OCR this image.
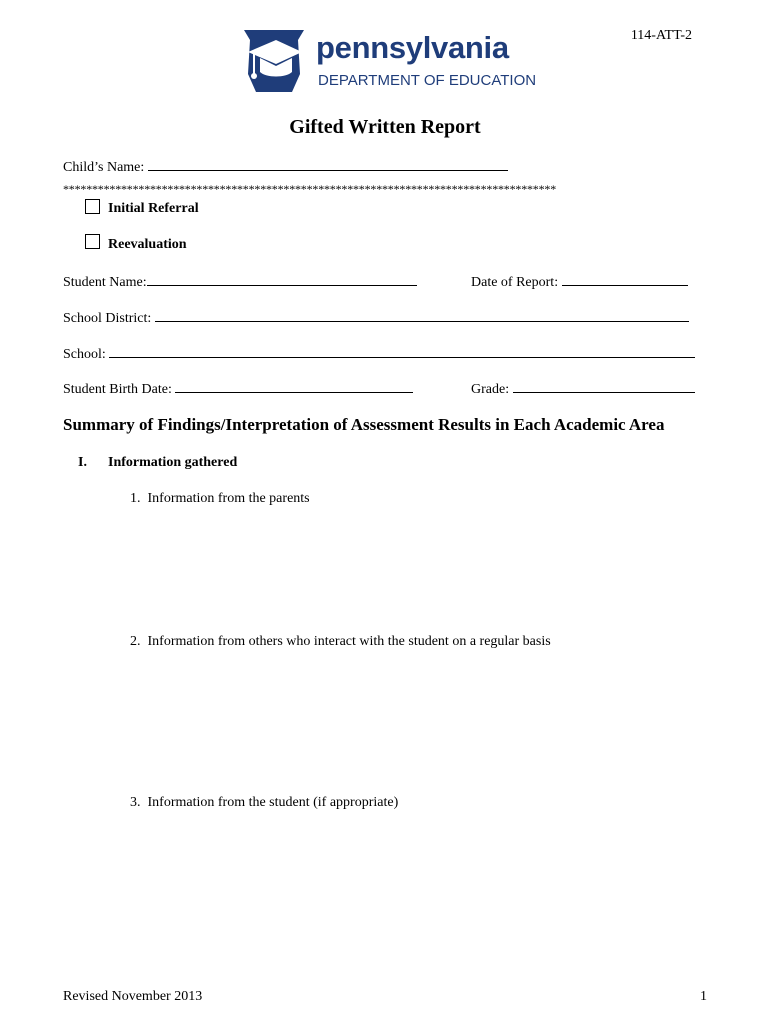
114-ATT-2
pennsylvania
DEPARTMENT OF EDUCATION
Gifted Written Report
Child’s Name:
*************************************************************************************
Initial Referral
Reevaluation
Student Name:	Date of Report:
School District:
School:
Student Birth Date:	Grade:
Summary of Findings/Interpretation of Assessment Results in Each Academic Area
I. Information gathered
1. Information from the parents
2. Information from others who interact with the student on a regular basis
3. Information from the student (if appropriate)
Revised November 2013	1
